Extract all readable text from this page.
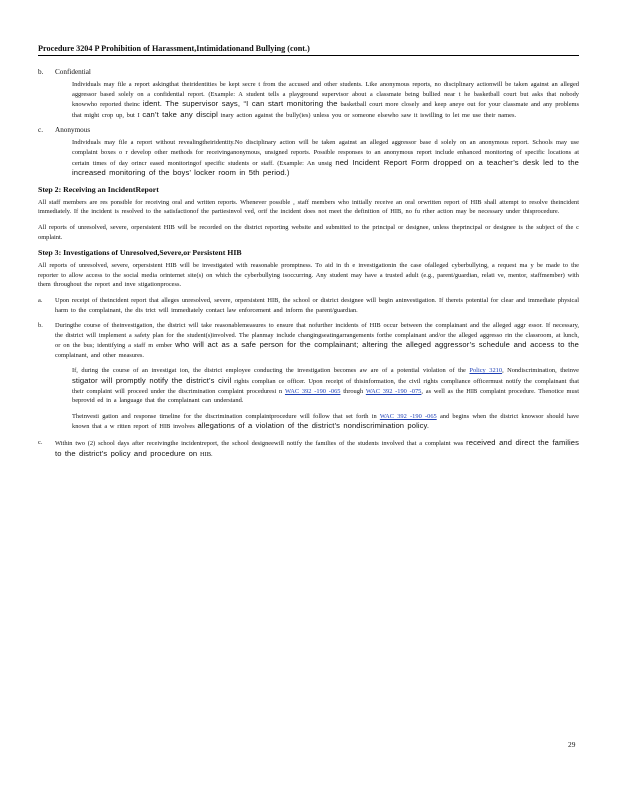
Procedure 3204 P Prohibition of Harassment,Intimidationand Bullying (cont.)
b. Confidential

Individuals may file a report askingthat theiridentities be kept secre t from the accused and other students. Like anonymous reports, no disciplinary actionwill be taken against an alleged aggressor based solely on a confidential report. (Example: A student tells a playground supervisor about a classmate being bullied near t he basketball court but asks that nobody knowwho reported theinc ident. The supervisor says, “I can start monitoring the basketball court more closely and keep aneye out for your classmate and any problems that might crop up, but I can’t take any discipl inary action against the bully(ies) unless you or someone elsewho saw it iswilling to let me use their names.

c. Anonymous

Individuals may file a report without revealingtheiridentity.No disciplinary action will be taken against an alleged aggressor base d solely on an anonymous report. Schools may use complaint boxes o r develop other methods for receivinganonymous, unsigned reports. Possible responses to an anonymous report include enhanced monitoring of specific locations at certain times of day orincr eased monitoringof specific students or staff. (Example: An unsig ned Incident Report Form dropped on a teacher’s desk led to the increased monitoring of the boys’ locker room in 5th period.)

Step 2: Receiving an IncidentReport

All staff members are res ponsible for receiving oral and written reports. Whenever possible , staff members who initially receive an oral orwritten report of HIB shall attempt to resolve theincident immediately. If the incident is resolved to the satisfactionof the partiesinvol ved, orif the incident does not meet the definition of HIB, no fu rther action may be necessary under thisprocedure.

All reports of unresolved, severe, orpersistent HIB will be recorded on the district reporting website and submitted to the principal or designee, unless theprincipal or designee is the subject of the c omplaint.

Step 3: Investigations of Unresolved,Severe,or Persistent HIB

All reports of unresolved, severe, orpersistent HIB will be investigated with reasonable promptness. To aid in th e investigationin the case ofalleged cyberbullying, a request ma y be made to the reporter to allow access to the social media orinternet site(s) on which the cyberbullying isoccurring. Any student may have a trusted adult (e.g., parent/guardian, relati ve, mentor, staffmember) with them throughout the report and inve stigationprocess.

a.	Upon receipt of theincident report that alleges unresolved, severe, orpersistent HIB, the school or district designee will begin aninvestigation. If thereis potential for clear and immediate physical harm to the complainant, the dis trict will immediately contact law enforcement and inform the parent/guardian.

b.	Duringthe course of theinvestigation, the district will take reasonablemeasures to ensure that nofurther incidents of HIB occur between the complainant and the alleged aggr essor. If necessary, the district will implement a safety plan for the student(s)involved. The planmay include changingseatingarrangements forthe complainant and/or the alleged aggresso rin the classroom, at lunch, or on the bus; identifying a staff m ember who will act as a safe person for the complainant; altering the alleged aggressor’s schedule and access to the complainant, and other measures.

If, during the course of an investigat ion, the district employee conducting the investigation becomes aw are of a potential violation of the Policy 3210, Nondiscrimination, theinve stigator will promptly notify the district’s civil rights complian ce officer. Upon receipt of thisinformation, the civil rights compliance officermust notify the complainant that their complaint will proceed under the discrimination complaint proceduresi n WAC 392 -190 -065 through WAC 392 -190 -075, as well as the HIB complaint procedure. Thenotice must beprovid ed in a language that the complainant can understand.

Theinvesti gation and response timeline for the discrimination complaintprocedure will follow that set forth in WAC 392 -190 -065 and begins when the district knowsor should have known that a w ritten report of HIB involves allegations of a violation of the district’s nondiscrimination policy.

c.	Within two (2) school days after receivingthe incidentreport, the school designeewill notify the families of the students involved that a complaint was received and direct the families to the district’s policy and procedure on HIB.

29
